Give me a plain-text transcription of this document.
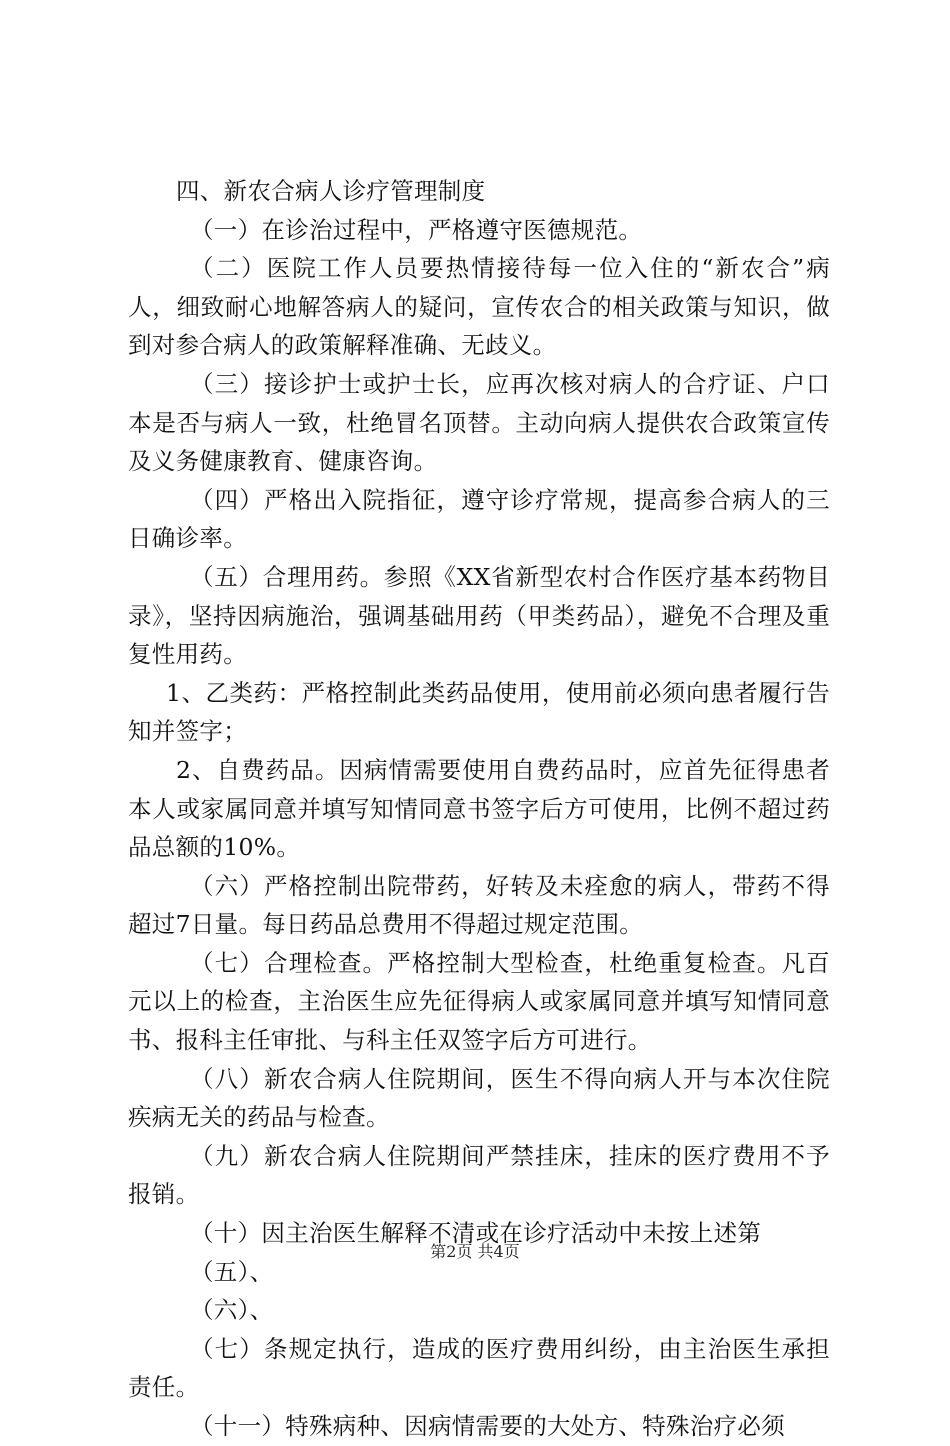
四、新农合病人诊疗管理制度

（一）在诊治过程中，严格遵守医德规范。

（二）医院工作人员要热情接待每一位入住的“新农合”病人，细致耐心地解答病人的疑问，宣传农合的相关政策与知识，做到对参合病人的政策解释准确、无歧义。

（三）接诊护士或护士长，应再次核对病人的合疗证、户口本是否与病人一致，杜绝冒名顶替。主动向病人提供农合政策宣传及义务健康教育、健康咨询。

（四）严格出入院指征，遵守诊疗常规，提高参合病人的三日确诊率。

（五）合理用药。参照《XX省新型农村合作医疗基本药物目录》，坚持因病施治，强调基础用药（甲类药品），避免不合理及重复性用药。

1、乙类药：严格控制此类药品使用，使用前必须向患者履行告知并签字；

2、自费药品。因病情需要使用自费药品时，应首先征得患者本人或家属同意并填写知情同意书签字后方可使用，比例不超过药品总额的10%。

（六）严格控制出院带药，好转及未痊愈的病人，带药不得超过7日量。每日药品总费用不得超过规定范围。

（七）合理检查。严格控制大型检查，杜绝重复检查。凡百元以上的检查，主治医生应先征得病人或家属同意并填写知情同意书、报科主任审批、与科主任双签字后方可进行。

（八）新农合病人住院期间，医生不得向病人开与本次住院疾病无关的药品与检查。

（九）新农合病人住院期间严禁挂床，挂床的医疗费用不予报销。

（十）因主治医生解释不清或在诊疗活动中未按上述第

（五）、

（六）、

（七）条规定执行，造成的医疗费用纠纷，由主治医生承担责任。

（十一）特殊病种、因病情需要的大处方、特殊治疗必须

第2页 共4页
